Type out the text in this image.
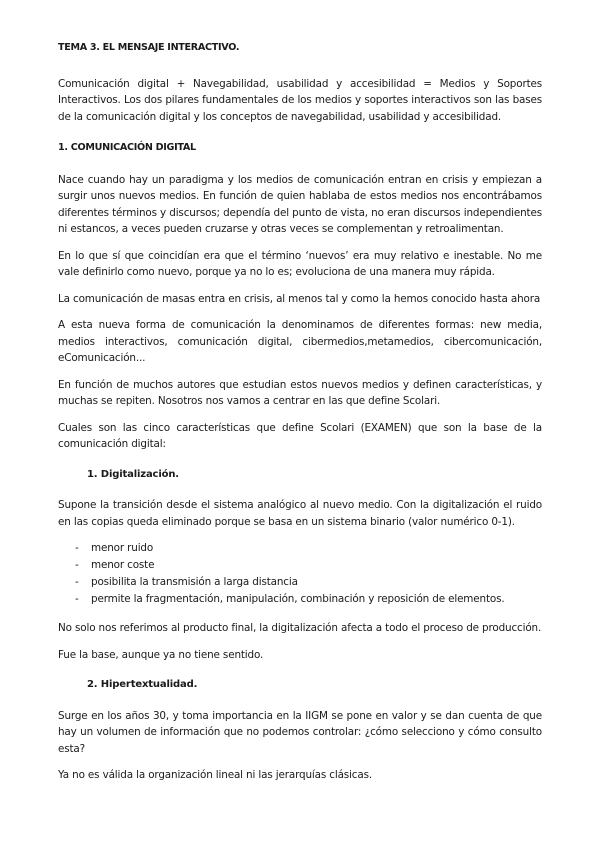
TEMA 3. EL MENSAJE INTERACTIVO.

Comunicación digital + Navegabilidad, usabilidad y accesibilidad = Medios y Soportes Interactivos. Los dos pilares fundamentales de los medios y soportes interactivos son las bases de la comunicación digital y los conceptos de navegabilidad, usabilidad y accesibilidad.

1. COMUNICACIÓN DIGITAL

Nace cuando hay un paradigma y los medios de comunicación entran en crisis y empiezan a surgir unos nuevos medios. En función de quien hablaba de estos medios nos encontrábamos diferentes términos y discursos; dependía del punto de vista, no eran discursos independientes ni estancos, a veces pueden cruzarse y otras veces se complementan y retroalimentan.

En lo que sí que coincidían era que el término ‘nuevos’ era muy relativo e inestable. No me vale definirlo como nuevo, porque ya no lo es; evoluciona de una manera muy rápida.

La comunicación de masas entra en crisis, al menos tal y como la hemos conocido hasta ahora

A esta nueva forma de comunicación la denominamos de diferentes formas: new media, medios interactivos, comunicación digital, cibermedios,metamedios, cibercomunicación, eComunicación...

En función de muchos autores que estudian estos nuevos medios y definen características, y muchas se repiten. Nosotros nos vamos a centrar en las que define Scolari.

Cuales son las cinco características que define Scolari (EXAMEN) que son la base de la comunicación digital:

1. Digitalización.

Supone la transición desde el sistema analógico al nuevo medio. Con la digitalización el ruido en las copias queda eliminado porque se basa en un sistema binario (valor numérico 0-1).

- menor ruido
- menor coste
- posibilita la transmisión a larga distancia
- permite la fragmentación, manipulación, combinación y reposición de elementos.

No solo nos referimos al producto final, la digitalización afecta a todo el proceso de producción.

Fue la base, aunque ya no tiene sentido.

2. Hipertextualidad.

Surge en los años 30, y toma importancia en la IIGM se pone en valor y se dan cuenta de que hay un volumen de información que no podemos controlar: ¿cómo selecciono y cómo consulto esta?

Ya no es válida la organización lineal ni las jerarquías clásicas.
